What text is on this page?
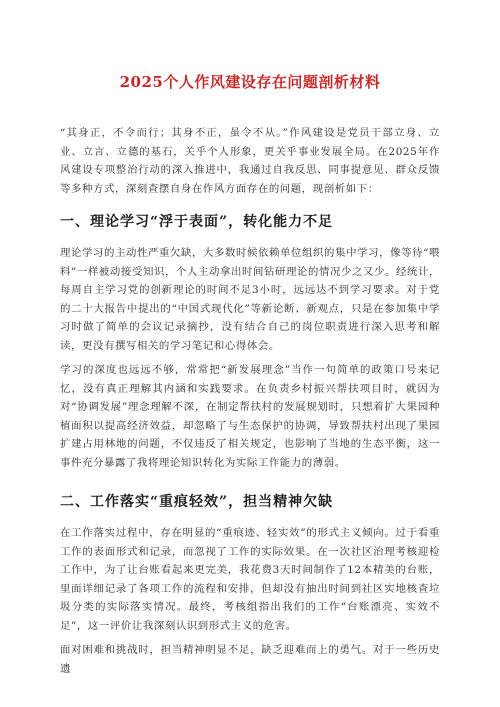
2025个人作风建设存在问题剖析材料

“其身正，不令而行；其身不正，虽令不从。”作风建设是党员干部立身、立业、立言、立德的基石，关乎个人形象，更关乎事业发展全局。在2025年作风建设专项整治行动的深入推进中，我通过自我反思、同事提意见、群众反馈等多种方式，深刻查摆自身在作风方面存在的问题，现剖析如下：

一、理论学习“浮于表面”，转化能力不足

理论学习的主动性严重欠缺，大多数时候依赖单位组织的集中学习，像等待“喂料”一样被动接受知识，个人主动拿出时间钻研理论的情况少之又少。经统计，每周自主学习党的创新理论的时间不足3小时，远远达不到学习要求。对于党的二十大报告中提出的“中国式现代化”等新论断、新观点，只是在参加集中学习时做了简单的会议记录摘抄，没有结合自己的岗位职责进行深入思考和解读，更没有撰写相关的学习笔记和心得体会。

学习的深度也远远不够，常常把“新发展理念”当作一句简单的政策口号来记忆，没有真正理解其内涵和实践要求。在负责乡村振兴帮扶项目时，就因为对“协调发展”理念理解不深，在制定帮扶村的发展规划时，只想着扩大果园种植面积以提高经济效益，却忽略了与生态保护的协调，导致帮扶村出现了果园扩建占用林地的问题，不仅违反了相关规定，也影响了当地的生态平衡，这一事件充分暴露了我将理论知识转化为实际工作能力的薄弱。

二、工作落实“重痕轻效”，担当精神欠缺

在工作落实过程中，存在明显的“重痕迹、轻实效”的形式主义倾向。过于看重工作的表面形式和记录，而忽视了工作的实际效果。在一次社区治理考核迎检工作中，为了让台账看起来更完美，我花费3天时间制作了12本精美的台账，里面详细记录了各项工作的流程和安排，但却没有抽出时间到社区实地核查垃圾分类的实际落实情况。最终，考核组指出我们的工作“台账漂亮、实效不足”，这一评价让我深刻认识到形式主义的危害。

面对困难和挑战时，担当精神明显不足，缺乏迎难而上的勇气。对于一些历史遗
